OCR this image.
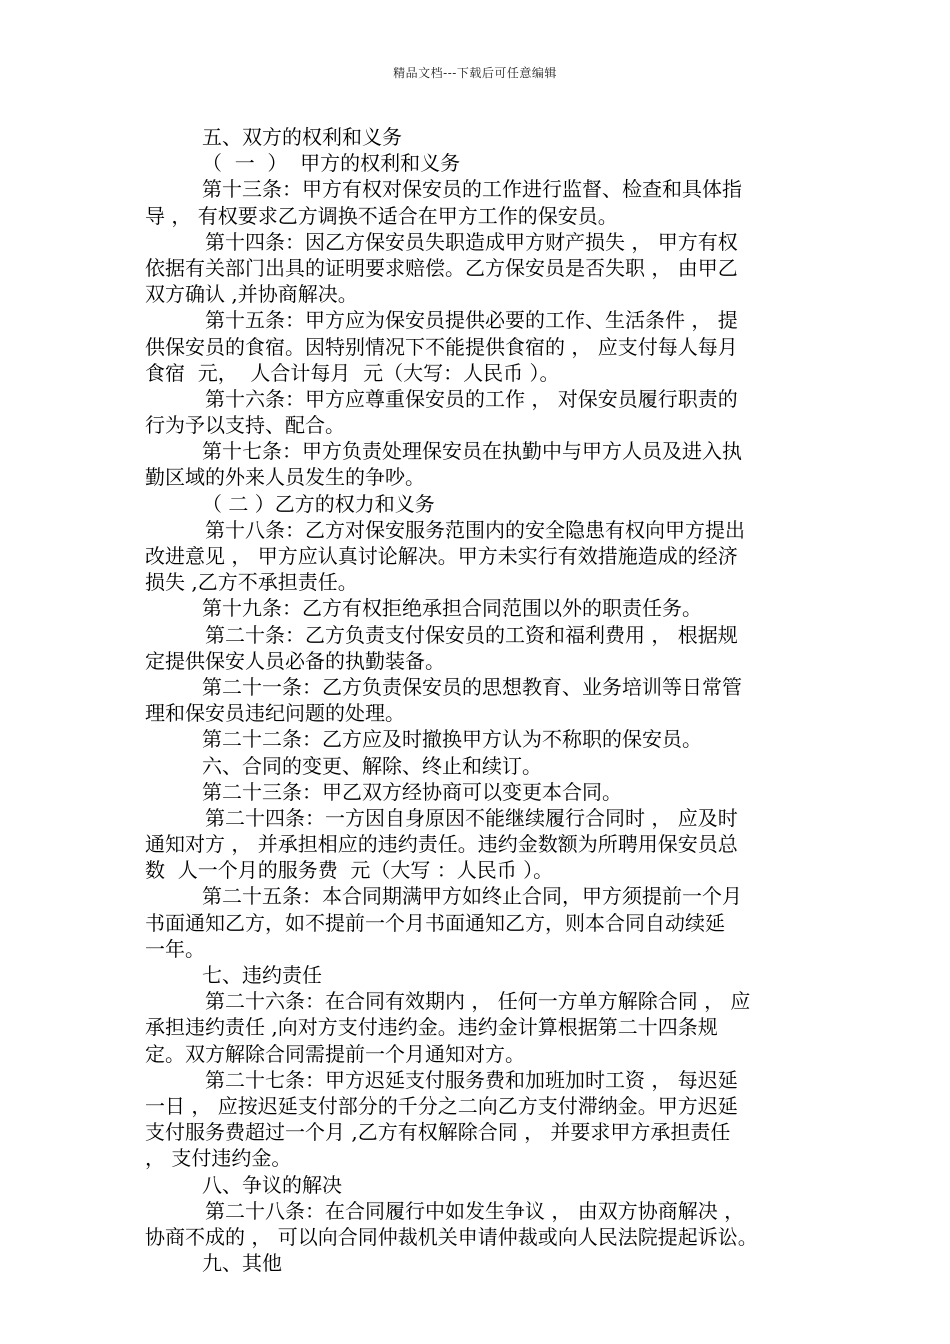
精品文档---下载后可任意编辑
五、双方的权利和义务
（  一  ）  甲方的权利和义务
第十三条：甲方有权对保安员的工作进行监督、检查和具体指
导 ， 有权要求乙方调换不适合在甲方工作的保安员。
第十四条：因乙方保安员失职造成甲方财产损失 ， 甲方有权
依据有关部门出具的证明要求赔偿。乙方保安员是否失职 ， 由甲乙
双方确认 ,并协商解决。
第十五条：甲方应为保安员提供必要的工作、生活条件 ， 提
供保安员的食宿。因特别情况下不能提供食宿的 ， 应支付每人每月
食宿  元，  人合计每月  元（大写：人民币 ）。
第十六条：甲方应尊重保安员的工作 ， 对保安员履行职责的
行为予以支持、配合。
第十七条：甲方负责处理保安员在执勤中与甲方人员及进入执
勤区域的外来人员发生的争吵。
（ 二 ）乙方的权力和义务
第十八条：乙方对保安服务范围内的安全隐患有权向甲方提出
改进意见 ， 甲方应认真讨论解决。甲方未实行有效措施造成的经济
损失 ,乙方不承担责任。
第十九条：乙方有权拒绝承担合同范围以外的职责任务。
第二十条：乙方负责支付保安员的工资和福利费用 ， 根据规
定提供保安人员必备的执勤装备。
第二十一条：乙方负责保安员的思想教育、业务培训等日常管
理和保安员违纪问题的处理。
第二十二条：乙方应及时撤换甲方认为不称职的保安员。
六、合同的变更、解除、终止和续订。
第二十三条：甲乙双方经协商可以变更本合同。
第二十四条：一方因自身原因不能继续履行合同时 ， 应及时
通知对方 ， 并承担相应的违约责任。违约金数额为所聘用保安员总
数  人一个月的服务费  元（大写 ：人民币 ）。
第二十五条：本合同期满甲方如终止合同，甲方须提前一个月
书面通知乙方，如不提前一个月书面通知乙方，则本合同自动续延
一年。
七、违约责任
第二十六条：在合同有效期内 ， 任何一方单方解除合同 ， 应
承担违约责任 ,向对方支付违约金。违约金计算根据第二十四条规
定。双方解除合同需提前一个月通知对方。
第二十七条：甲方迟延支付服务费和加班加时工资 ， 每迟延
一日 ， 应按迟延支付部分的千分之二向乙方支付滞纳金。甲方迟延
支付服务费超过一个月 ,乙方有权解除合同 ， 并要求甲方承担责任
， 支付违约金。
八、争议的解决
第二十八条：在合同履行中如发生争议 ， 由双方协商解决 ，
协商不成的 ， 可以向合同仲裁机关申请仲裁或向人民法院提起诉讼。
九、其他
